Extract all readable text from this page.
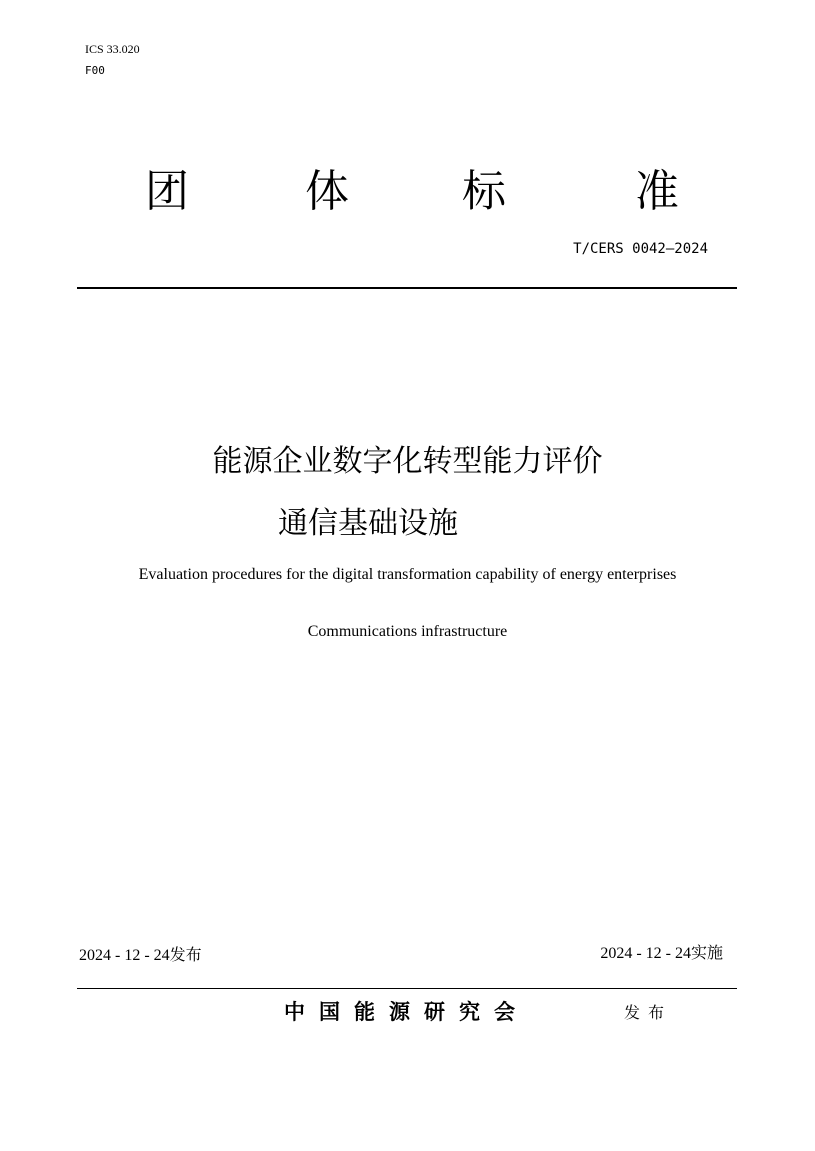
ICS 33.020
F00
团	体	标	准
T/CERS 0042—2024
能源企业数字化转型能力评价
通信基础设施
Evaluation procedures for the digital transformation capability of energy enterprises
Communications infrastructure
2024 - 12 - 24发布	2024 - 12 - 24实施
中国能源研究会	发布
